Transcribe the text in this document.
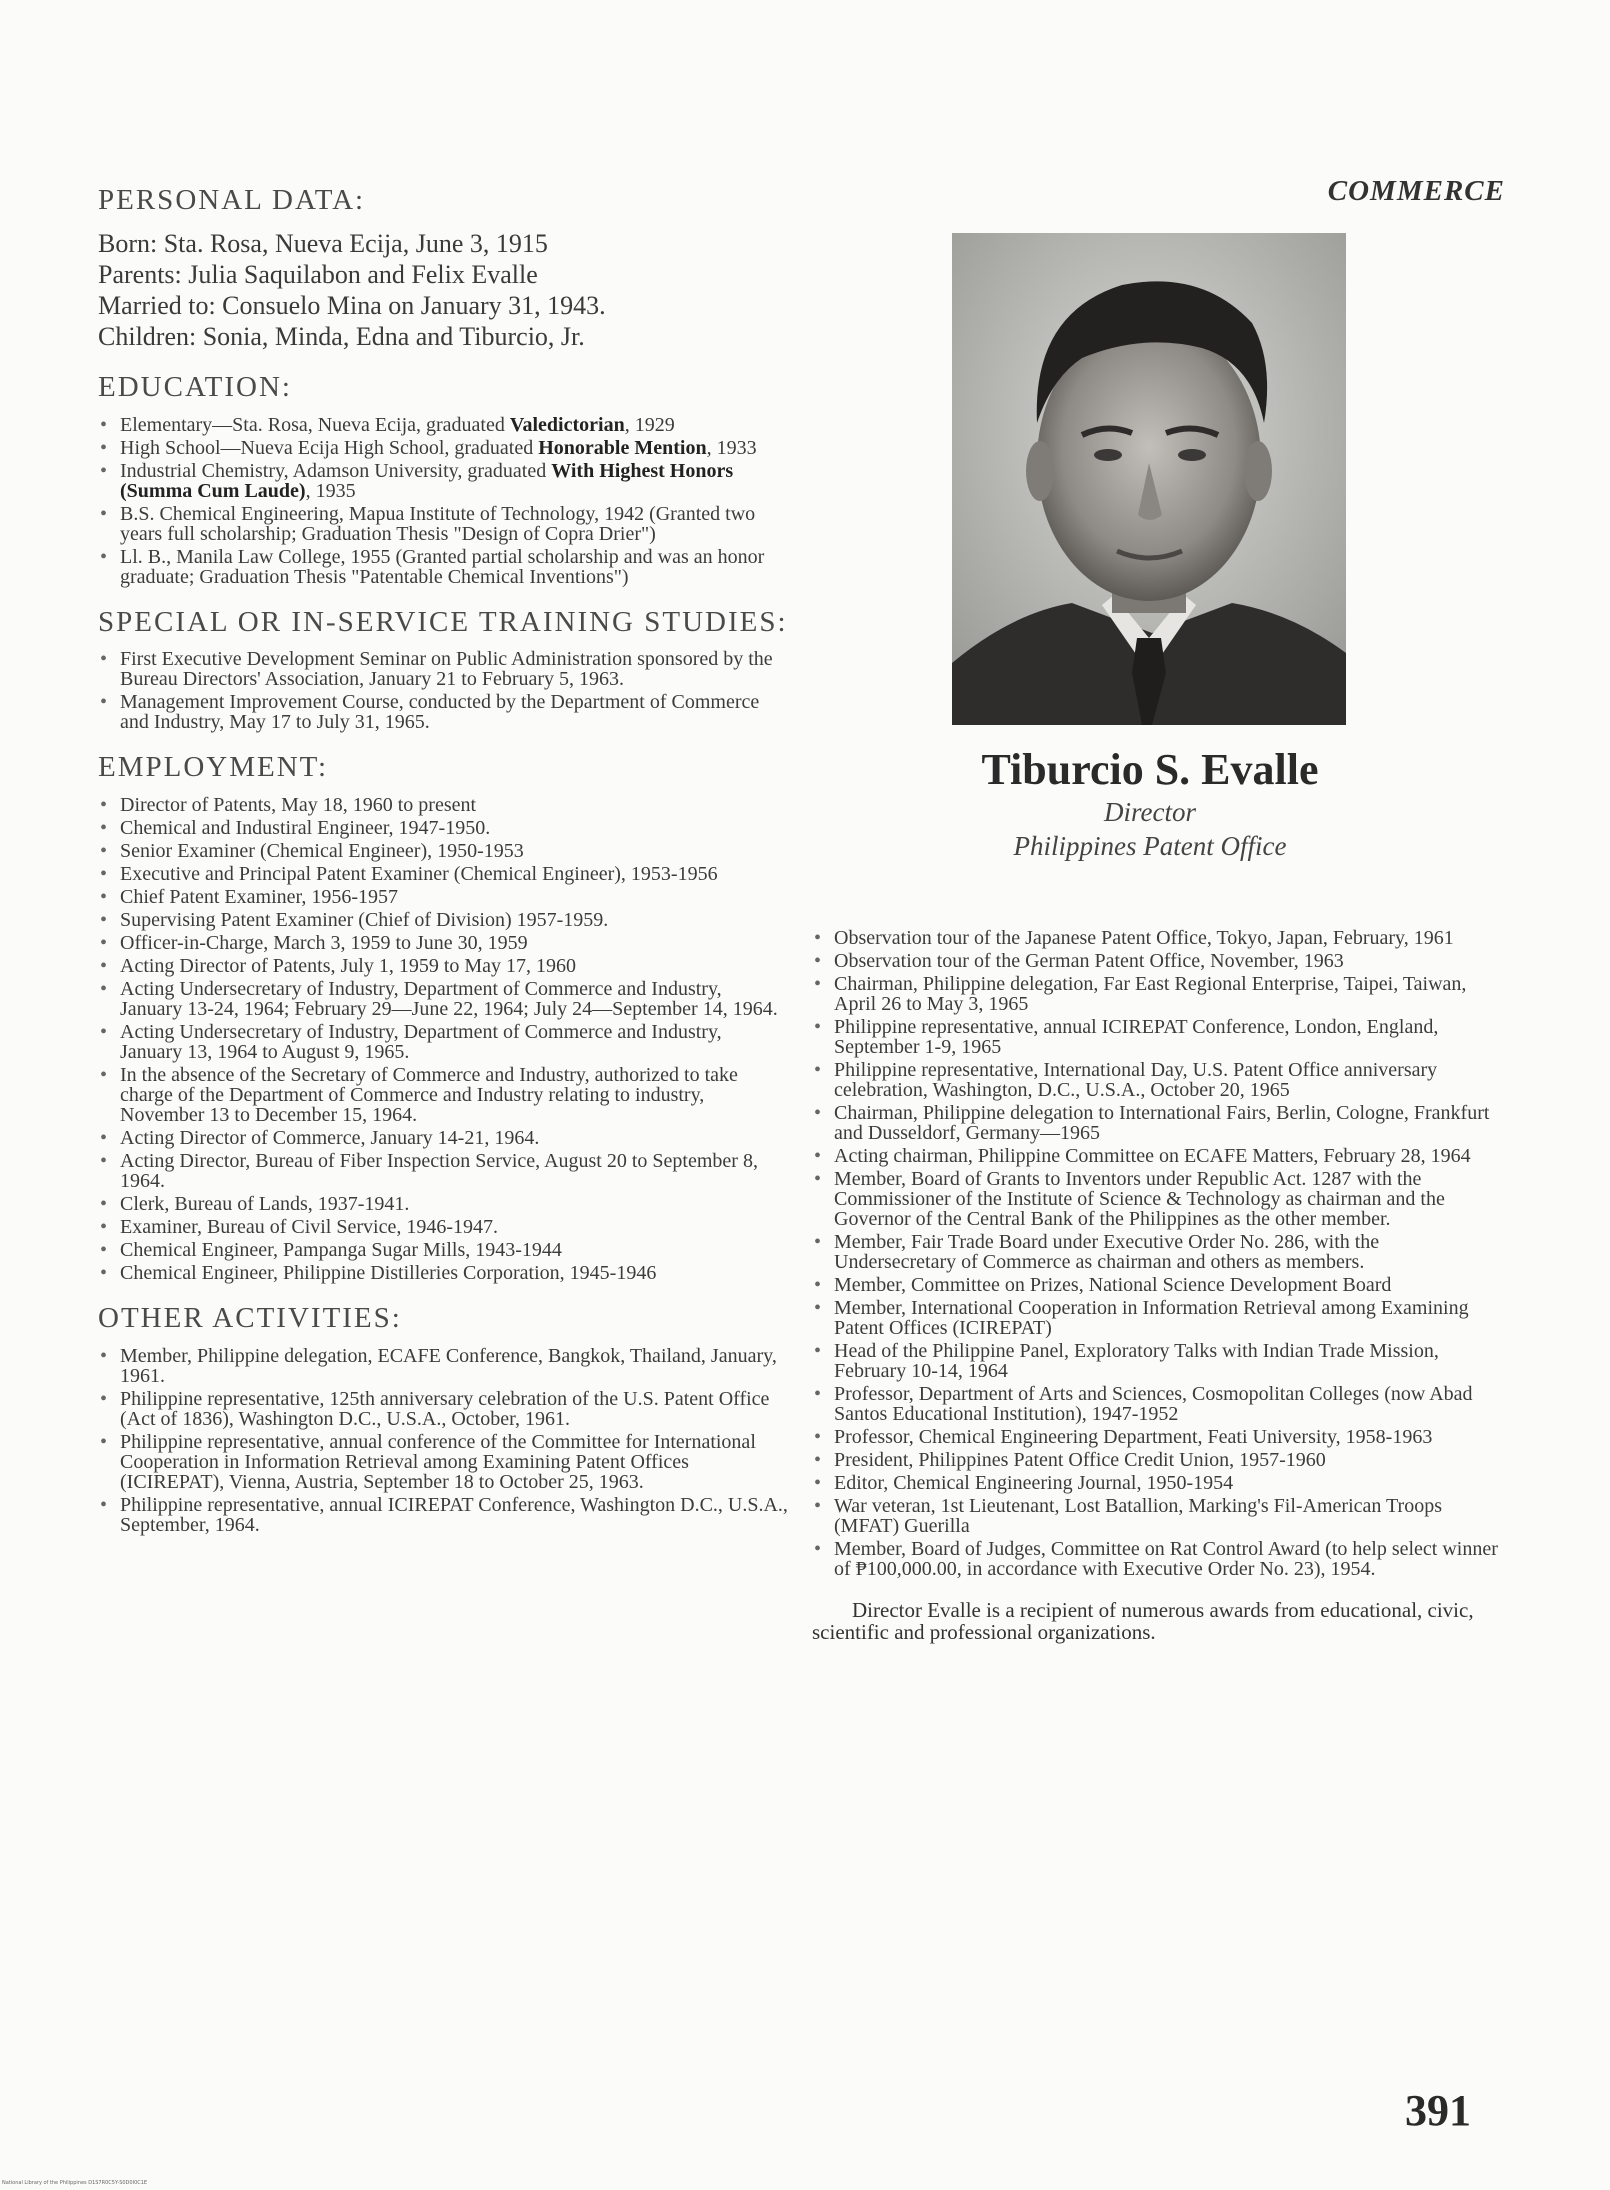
COMMERCE
PERSONAL DATA:
Born: Sta. Rosa, Nueva Ecija, June 3, 1915
Parents: Julia Saquilabon and Felix Evalle
Married to: Consuelo Mina on January 31, 1943.
Children: Sonia, Minda, Edna and Tiburcio, Jr.
EDUCATION:
• Elementary—Sta. Rosa, Nueva Ecija, graduated Valedictorian, 1929
• High School—Nueva Ecija High School, graduated Honorable Mention, 1933
• Industrial Chemistry, Adamson University, graduated With Highest Honors (Summa Cum Laude), 1935
• B.S. Chemical Engineering, Mapua Institute of Technology, 1942 (Granted two years full scholarship; Graduation Thesis "Design of Copra Drier")
• Ll. B., Manila Law College, 1955 (Granted partial scholarship and was an honor graduate; Graduation Thesis "Patentable Chemical Inventions")
SPECIAL OR IN-SERVICE TRAINING STUDIES:
• First Executive Development Seminar on Public Administration sponsored by the Bureau Directors' Association, January 21 to February 5, 1963.
• Management Improvement Course, conducted by the Department of Commerce and Industry, May 17 to July 31, 1965.
EMPLOYMENT:
• Director of Patents, May 18, 1960 to present
• Chemical and Industiral Engineer, 1947-1950.
• Senior Examiner (Chemical Engineer), 1950-1953
• Executive and Principal Patent Examiner (Chemical Engineer), 1953-1956
• Chief Patent Examiner, 1956-1957
• Supervising Patent Examiner (Chief of Division) 1957-1959.
• Officer-in-Charge, March 3, 1959 to June 30, 1959
• Acting Director of Patents, July 1, 1959 to May 17, 1960
• Acting Undersecretary of Industry, Department of Commerce and Industry, January 13-24, 1964; February 29—June 22, 1964; July 24—September 14, 1964.
• Acting Undersecretary of Industry, Department of Commerce and Industry, January 13, 1964 to August 9, 1965.
• In the absence of the Secretary of Commerce and Industry, authorized to take charge of the Department of Commerce and Industry relating to industry, November 13 to December 15, 1964.
• Acting Director of Commerce, January 14-21, 1964.
• Acting Director, Bureau of Fiber Inspection Service, August 20 to September 8, 1964.
• Clerk, Bureau of Lands, 1937-1941.
• Examiner, Bureau of Civil Service, 1946-1947.
• Chemical Engineer, Pampanga Sugar Mills, 1943-1944
• Chemical Engineer, Philippine Distilleries Corporation, 1945-1946
OTHER ACTIVITIES:
• Member, Philippine delegation, ECAFE Conference, Bangkok, Thailand, January, 1961.
• Philippine representative, 125th anniversary celebration of the U.S. Patent Office (Act of 1836), Washington D.C., U.S.A., October, 1961.
• Philippine representative, annual conference of the Committee for International Cooperation in Information Retrieval among Examining Patent Offices (ICIREPAT), Vienna, Austria, September 18 to October 25, 1963.
• Philippine representative, annual ICIREPAT Conference, Washington D.C., U.S.A., September, 1964.
Tiburcio S. Evalle
Director
Philippines Patent Office
• Observation tour of the Japanese Patent Office, Tokyo, Japan, February, 1961
• Observation tour of the German Patent Office, November, 1963
• Chairman, Philippine delegation, Far East Regional Enterprise, Taipei, Taiwan, April 26 to May 3, 1965
• Philippine representative, annual ICIREPAT Conference, London, England, September 1-9, 1965
• Philippine representative, International Day, U.S. Patent Office anniversary celebration, Washington, D.C., U.S.A., October 20, 1965
• Chairman, Philippine delegation to International Fairs, Berlin, Cologne, Frankfurt and Dusseldorf, Germany—1965
• Acting chairman, Philippine Committee on ECAFE Matters, February 28, 1964
• Member, Board of Grants to Inventors under Republic Act. 1287 with the Commissioner of the Institute of Science & Technology as chairman and the Governor of the Central Bank of the Philippines as the other member.
• Member, Fair Trade Board under Executive Order No. 286, with the Undersecretary of Commerce as chairman and others as members.
• Member, Committee on Prizes, National Science Development Board
• Member, International Cooperation in Information Retrieval among Examining Patent Offices (ICIREPAT)
• Head of the Philippine Panel, Exploratory Talks with Indian Trade Mission, February 10-14, 1964
• Professor, Department of Arts and Sciences, Cosmopolitan Colleges (now Abad Santos Educational Institution), 1947-1952
• Professor, Chemical Engineering Department, Feati University, 1958-1963
• President, Philippines Patent Office Credit Union, 1957-1960
• Editor, Chemical Engineering Journal, 1950-1954
• War veteran, 1st Lieutenant, Lost Batallion, Marking's Fil-American Troops (MFAT) Guerilla
• Member, Board of Judges, Committee on Rat Control Award (to help select winner of ₱100,000.00, in accordance with Executive Order No. 23), 1954.

Director Evalle is a recipient of numerous awards from educational, civic, scientific and professional organizations.

391
National Library of the Philippines D1S7R0C5Y-S0D0I0C1E
